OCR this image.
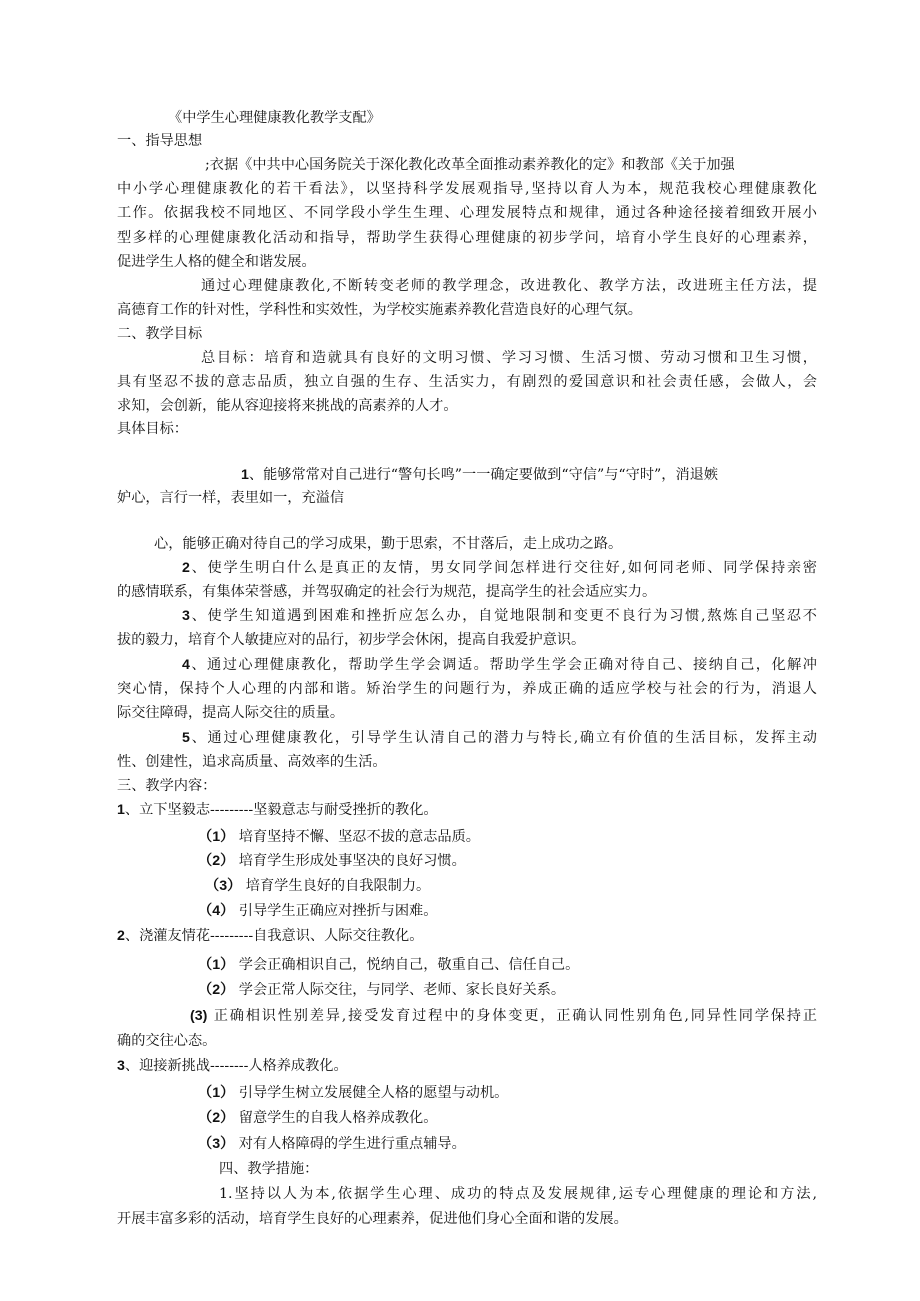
《中学生心理健康教化教学支配》
一、指导思想
;衣据《中共中心国务院关于深化教化改革全面推动素养教化的定》和教部《关于加强
中小学心理健康教化的若干看法》，以坚持科学发展观指导,坚持以育人为本，规范我校心理健康教化
工作。依据我校不同地区、不同学段小学生生理、心理发展特点和规律，通过各种途径接着细致开展小
型多样的心理健康教化活动和指导，帮助学生获得心理健康的初步学问，培育小学生良好的心理素养，
促进学生人格的健全和谐发展。
通过心理健康教化,不断转变老师的教学理念，改进教化、教学方法，改进班主任方法，提
高德育工作的针对性，学科性和实效性，为学校实施素养教化营造良好的心理气氛。
二、教学目标
总目标：培育和造就具有良好的文明习惯、学习习惯、生活习惯、劳动习惯和卫生习惯，
具有坚忍不拔的意志品质，独立自强的生存、生活实力，有剧烈的爱国意识和社会责任感，会做人，会
求知，会创新，能从容迎接将来挑战的高素养的人才。
具体目标：
1、能够常常对自己进行“警句长鸣”一一确定要做到“守信”与“守时”，消退嫉
妒心，言行一样，表里如一，充溢信
心，能够正确对待自己的学习成果，勤于思索，不甘落后，走上成功之路。
2、使学生明白什么是真正的友情，男女同学间怎样进行交往好,如何同老师、同学保持亲密
的感情联系，有集体荣誉感，并驾驭确定的社会行为规范，提高学生的社会适应实力。
3、使学生知道遇到困难和挫折应怎么办，自觉地限制和变更不良行为习惯,熬炼自己坚忍不
拔的毅力，培育个人敏捷应对的品行，初步学会休闲，提高自我爱护意识。
4、通过心理健康教化，帮助学生学会调适。帮助学生学会正确对待自己、接纳自己，化解冲
突心情，保持个人心理的内部和谐。矫治学生的问题行为，养成正确的适应学校与社会的行为，消退人
际交往障碍，提高人际交往的质量。
5、通过心理健康教化，引导学生认清自己的潜力与特长,确立有价值的生活目标，发挥主动
性、创建性，追求高质量、高效率的生活。
三、教学内容：
1、立下坚毅志---------坚毅意志与耐受挫折的教化。
（1） 培育坚持不懈、坚忍不拔的意志品质。
（2） 培育学生形成处事坚决的良好习惯。
（3） 培育学生良好的自我限制力。
（4） 引导学生正确应对挫折与困难。
2、浇灌友情花---------自我意识、人际交往教化。
（1） 学会正确相识自己，悦纳自己，敬重自己、信任自己。
（2） 学会正常人际交往，与同学、老师、家长良好关系。
(3) 正确相识性别差异,接受发育过程中的身体变更，正确认同性别角色,同异性同学保持正
确的交往心态。
3、迎接新挑战--------人格养成教化。
（1） 引导学生树立发展健全人格的愿望与动机。
（2） 留意学生的自我人格养成教化。
（3） 对有人格障碍的学生进行重点辅导。
四、教学措施：
1.坚持以人为本,依据学生心理、成功的特点及发展规律,运专心理健康的理论和方法,
开展丰富多彩的活动，培育学生良好的心理素养，促进他们身心全面和谐的发展。
